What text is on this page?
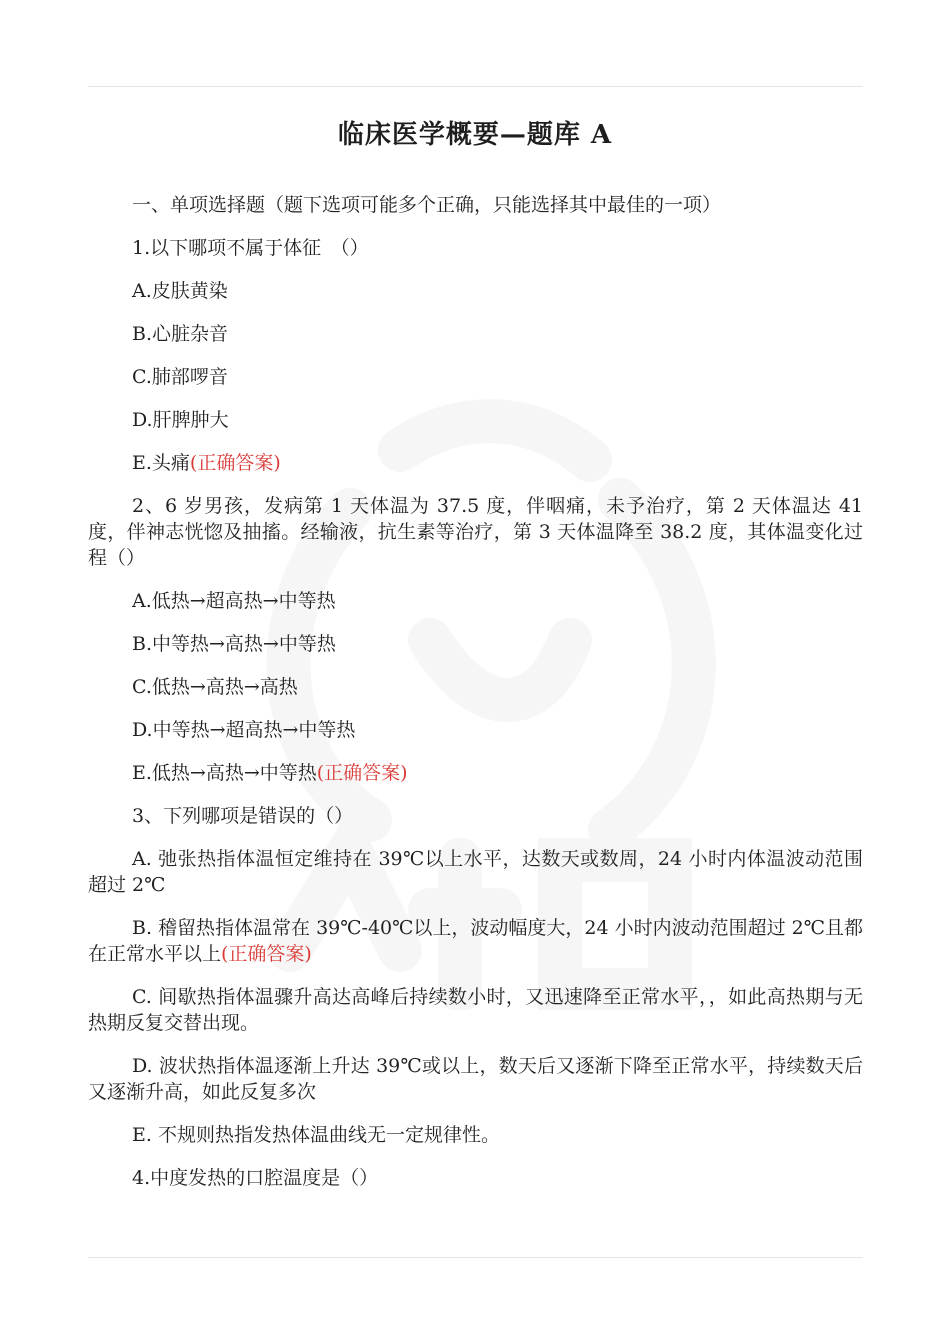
临床医学概要—题库 A
一、单项选择题（题下选项可能多个正确，只能选择其中最佳的一项）
1.以下哪项不属于体征　（）
A.皮肤黄染
B.心脏杂音
C.肺部啰音
D.肝脾肿大
E.头痛(正确答案)
2、6 岁男孩，发病第 1 天体温为 37.5 度，伴咽痛，未予治疗，第 2 天体温达 41 度，伴神志恍惚及抽搐。经输液，抗生素等治疗，第 3 天体温降至 38.2 度，其体温变化过程（）
A.低热→超高热→中等热
B.中等热→高热→中等热
C.低热→高热→高热
D.中等热→超高热→中等热
E.低热→高热→中等热(正确答案)
3、下列哪项是错误的（）
A. 弛张热指体温恒定维持在 39℃以上水平，达数天或数周，24 小时内体温波动范围超过 2℃
B. 稽留热指体温常在 39℃-40℃以上，波动幅度大，24 小时内波动范围超过 2℃且都在正常水平以上(正确答案)
C. 间歇热指体温骤升高达高峰后持续数小时，又迅速降至正常水平，，如此高热期与无热期反复交替出现。
D. 波状热指体温逐渐上升达 39℃或以上，数天后又逐渐下降至正常水平，持续数天后又逐渐升高，如此反复多次
E. 不规则热指发热体温曲线无一定规律性。
4.中度发热的口腔温度是（）
